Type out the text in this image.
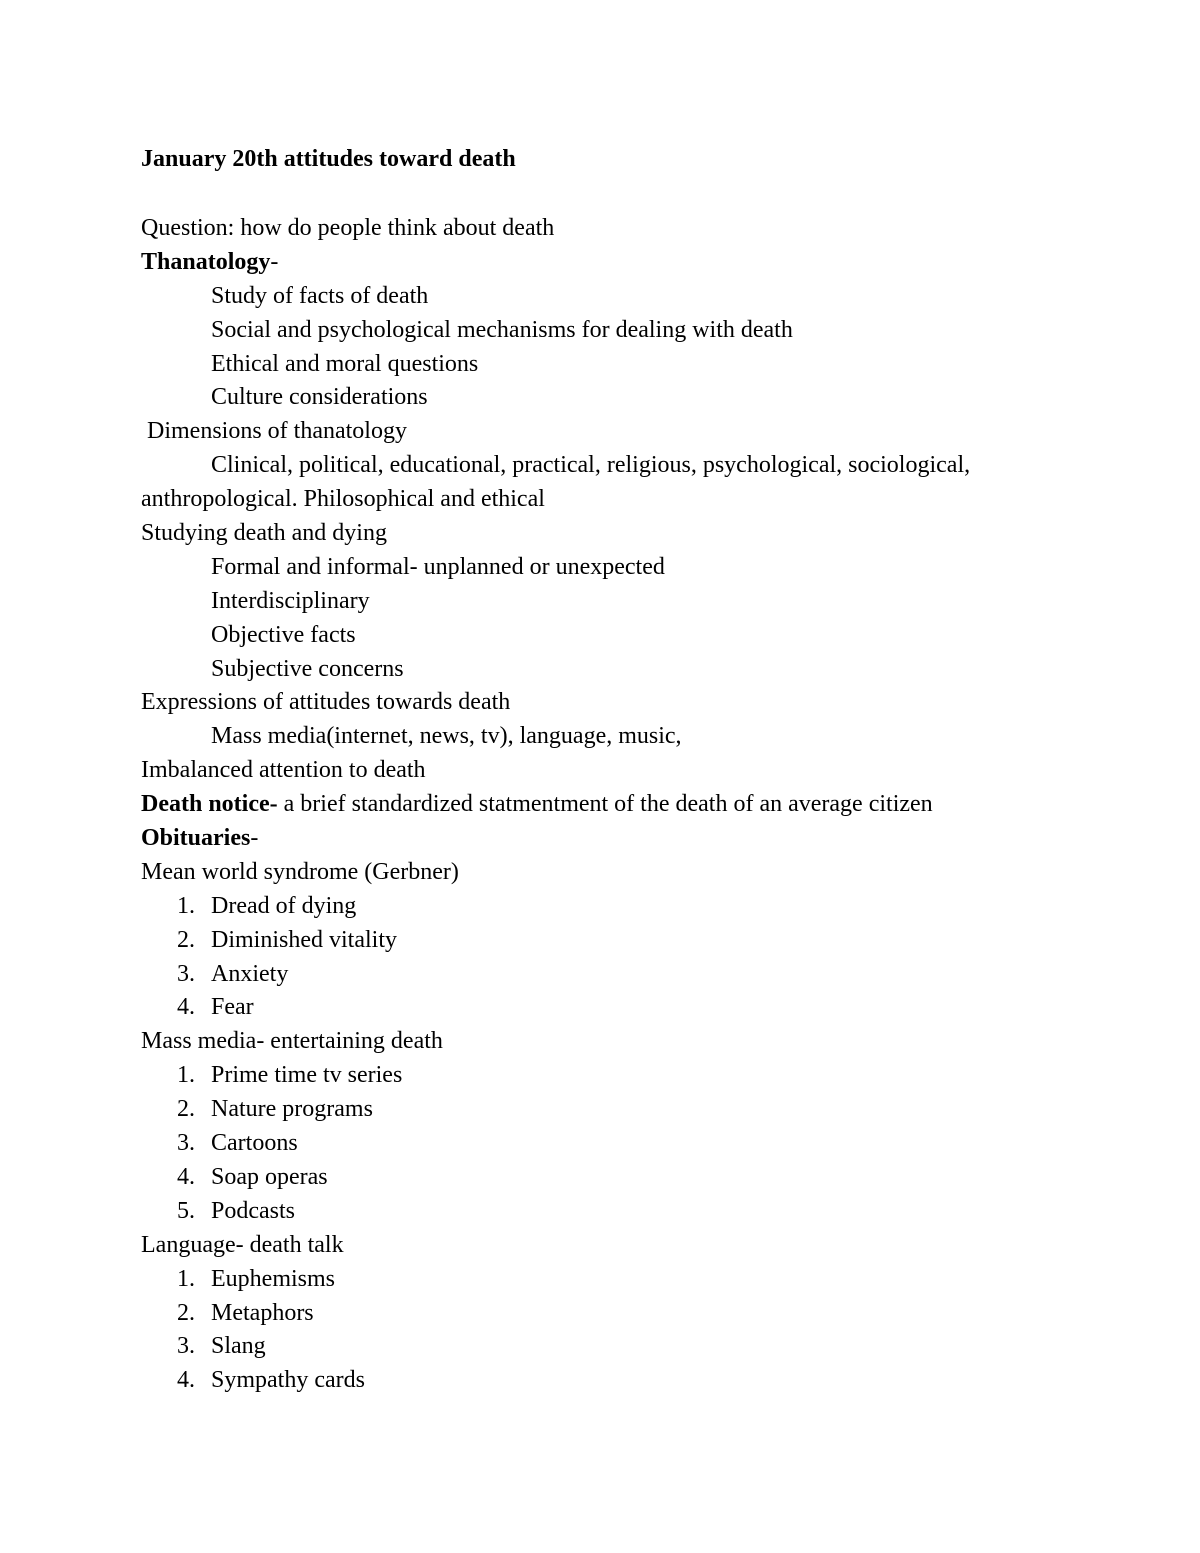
January 20th attitudes toward death
Question: how do people think about death
Thanatology-
Study of facts of death
Social and psychological mechanisms for dealing with death
Ethical and moral questions
Culture considerations
Dimensions of thanatology
Clinical, political, educational, practical, religious, psychological, sociological,
anthropological. Philosophical and ethical
Studying death and dying
Formal and informal- unplanned or unexpected
Interdisciplinary
Objective facts
Subjective concerns
Expressions of attitudes towards death
Mass media(internet, news, tv), language, music,
Imbalanced attention to death
Death notice- a brief standardized statmentment of the death of an average citizen
Obituaries-
Mean world syndrome (Gerbner)
1. Dread of dying
2. Diminished vitality
3. Anxiety
4. Fear
Mass media- entertaining death
1. Prime time tv series
2. Nature programs
3. Cartoons
4. Soap operas
5. Podcasts
Language- death talk
1. Euphemisms
2. Metaphors
3. Slang
4. Sympathy cards
